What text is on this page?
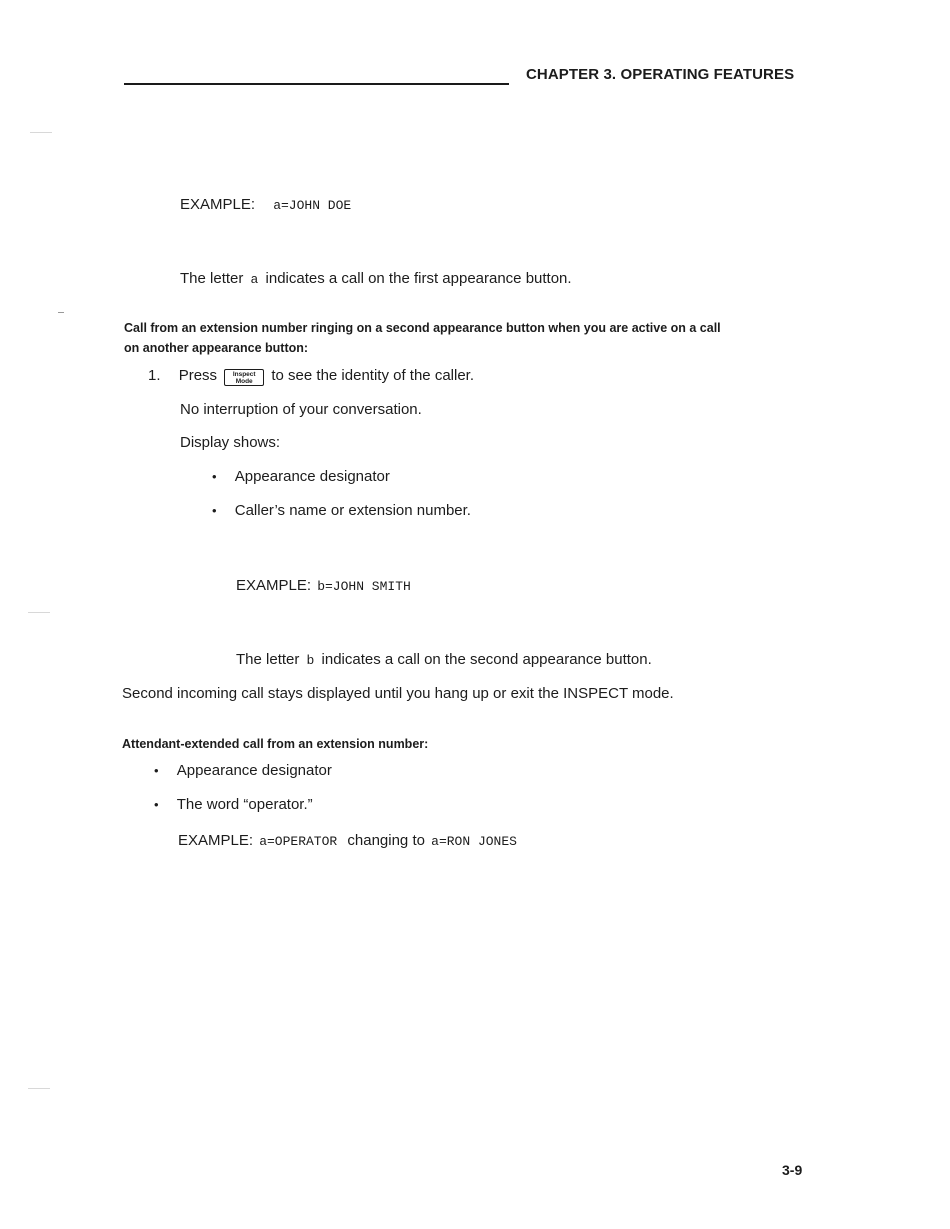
CHAPTER 3. OPERATING FEATURES
EXAMPLE: a=JOHN DOE
The letter a indicates a call on the first appearance button.
Call from an extension number ringing on a second appearance button when you are active on a call
on another appearance button:
1. Press	Inspect
Mode	to see the identity of the caller.
No interruption of your conversation.
Display shows:
• Appearance designator
• Caller’s name or extension number.
EXAMPLE: b=JOHN SMITH
The letter b indicates a call on the second appearance button.
Second incoming call stays displayed until you hang up or exit the INSPECT mode.
Attendant-extended call from an extension number:
• Appearance designator
• The word “operator.”
EXAMPLE: a=OPERATOR changing to a=RON JONES
3-9
